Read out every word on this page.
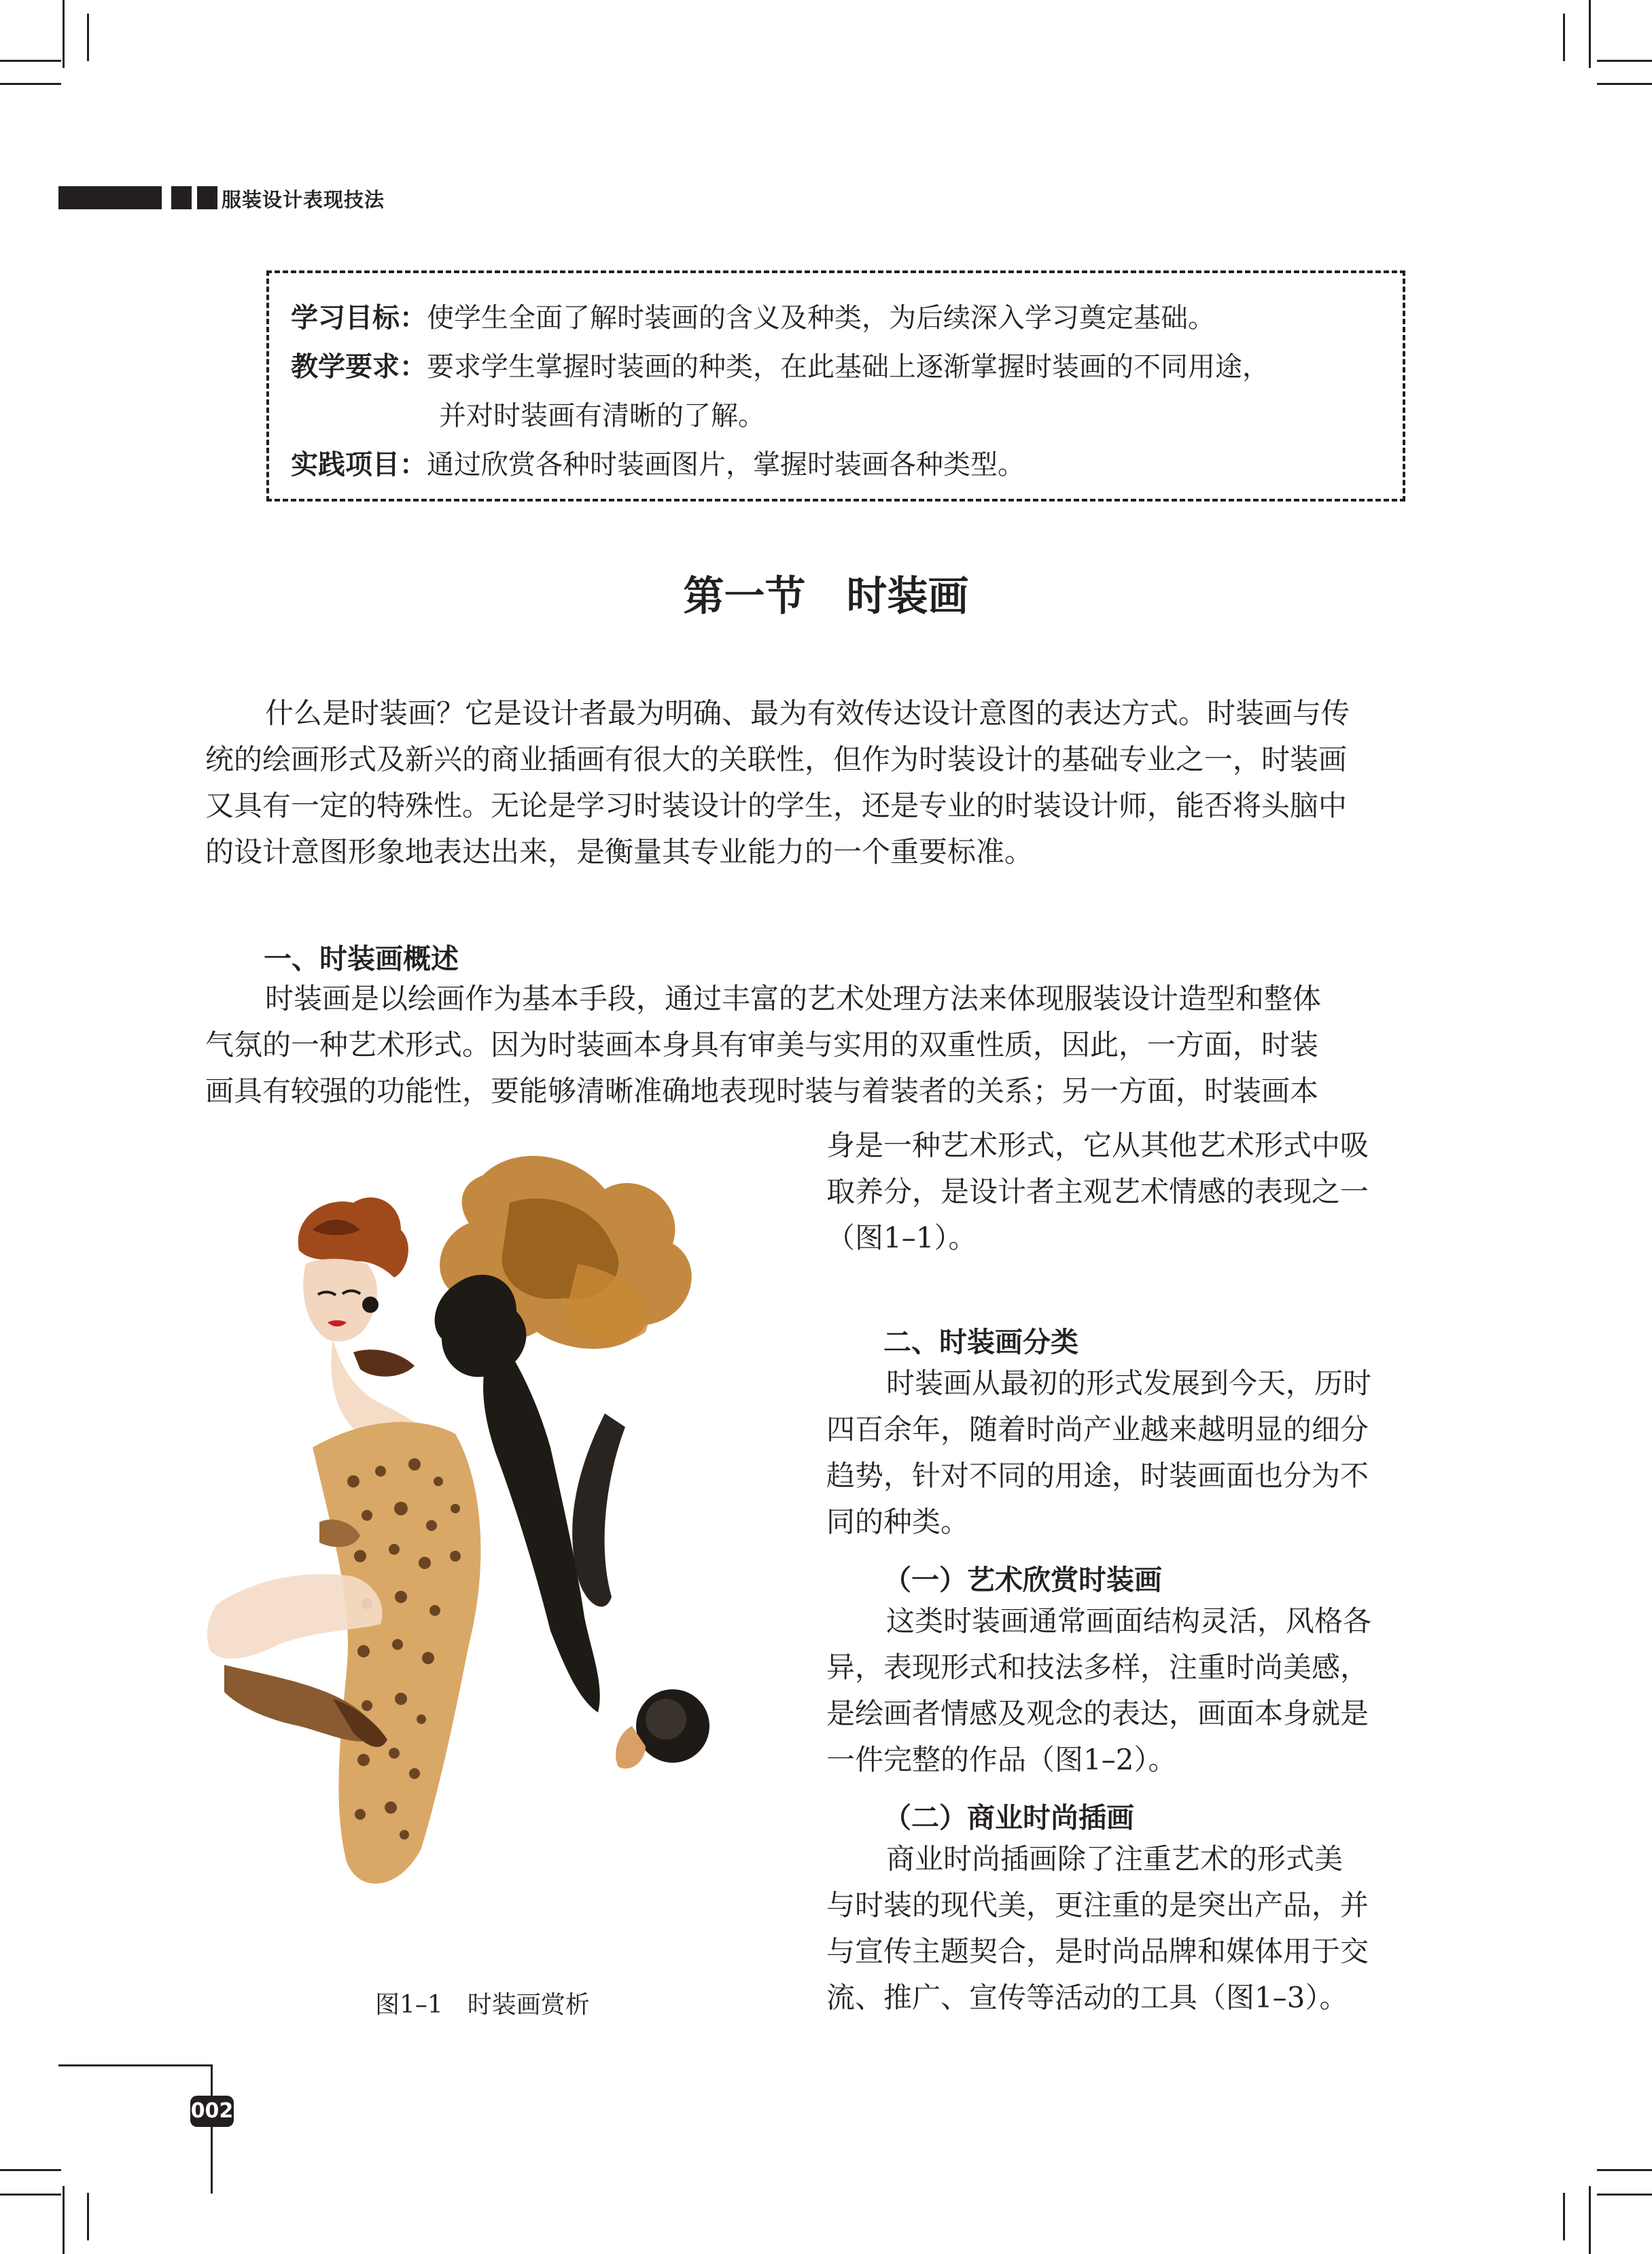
服装设计表现技法
学习目标：使学生全面了解时装画的含义及种类，为后续深入学习奠定基础。
教学要求：要求学生掌握时装画的种类，在此基础上逐渐掌握时装画的不同用途，
并对时装画有清晰的了解。
实践项目：通过欣赏各种时装画图片，掌握时装画各种类型。
第一节　时装画
什么是时装画？它是设计者最为明确、最为有效传达设计意图的表达方式。时装画与传
统的绘画形式及新兴的商业插画有很大的关联性，但作为时装设计的基础专业之一，时装画
又具有一定的特殊性。无论是学习时装设计的学生，还是专业的时装设计师，能否将头脑中
的设计意图形象地表达出来，是衡量其专业能力的一个重要标准。
一、时装画概述
时装画是以绘画作为基本手段，通过丰富的艺术处理方法来体现服装设计造型和整体
气氛的一种艺术形式。因为时装画本身具有审美与实用的双重性质，因此，一方面，时装
画具有较强的功能性，要能够清晰准确地表现时装与着装者的关系；另一方面，时装画本
身是一种艺术形式，它从其他艺术形式中吸
取养分，是设计者主观艺术情感的表现之一
（图1–1）。
二、时装画分类
时装画从最初的形式发展到今天，历时
四百余年，随着时尚产业越来越明显的细分
趋势，针对不同的用途，时装画面也分为不
同的种类。
（一）艺术欣赏时装画
这类时装画通常画面结构灵活，风格各
异，表现形式和技法多样，注重时尚美感，
是绘画者情感及观念的表达，画面本身就是
一件完整的作品（图1–2）。
（二）商业时尚插画
商业时尚插画除了注重艺术的形式美
与时装的现代美，更注重的是突出产品，并
与宣传主题契合，是时尚品牌和媒体用于交
流、推广、宣传等活动的工具（图1–3）。
图1–1　时装画赏析
002
